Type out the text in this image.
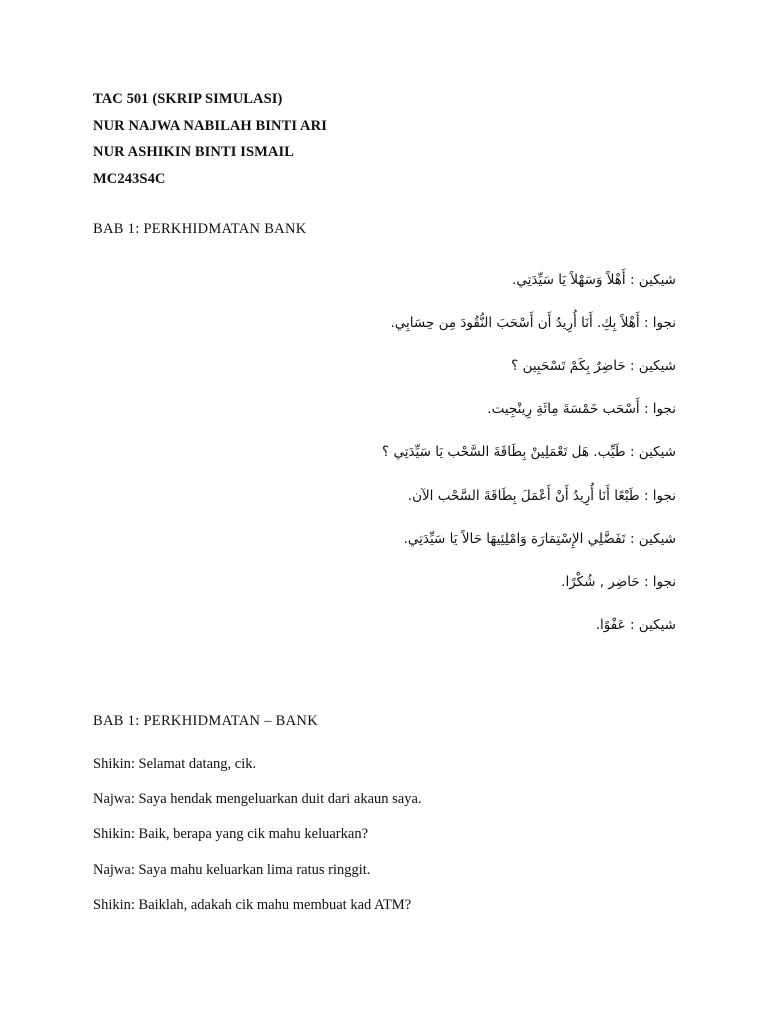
TAC 501 (SKRIP SIMULASI)
NUR NAJWA NABILAH BINTI ARI
NUR ASHIKIN BINTI ISMAIL
MC243S4C
BAB 1: PERKHIDMATAN BANK
شيكين : أَهْلاً وَسَهْلاً يَا سَيِّدَتِي.
نجوا : أَهْلاً بِكِ. أَنَا أُرِيدُ أَن أَسْحَبَ النُّقُودَ مِن حِسَابِي.
شيكين : حَاضِرٌ بِكَمْ تَسْحَبِين ؟
نجوا : أَسْحَب خَمْسَةَ مِائَةِ رِينْجِيت.
شيكين : طَيِّب. هَل تَعْمَلِينْ بِطَاقَةَ السَّحْب يَا سَيِّدَتِي ؟
نجوا : طَبْعًا أَنَا أُرِيدُ أَنْ أَعْمَلَ بِطَاقَةَ السَّحْب الآن.
شيكين : تَفَضَّلِي الإِسْتِمَارَة وَامْلِئِيهَا حَالاً يَا سَيِّدَتِي.
نجوا : حَاضِر , شُكْرًا.
شيكين : عَفْوًا.
BAB 1: PERKHIDMATAN – BANK
Shikin: Selamat datang, cik.
Najwa: Saya hendak mengeluarkan duit dari akaun saya.
Shikin: Baik, berapa yang cik mahu keluarkan?
Najwa: Saya mahu keluarkan lima ratus ringgit.
Shikin: Baiklah, adakah cik mahu membuat kad ATM?
